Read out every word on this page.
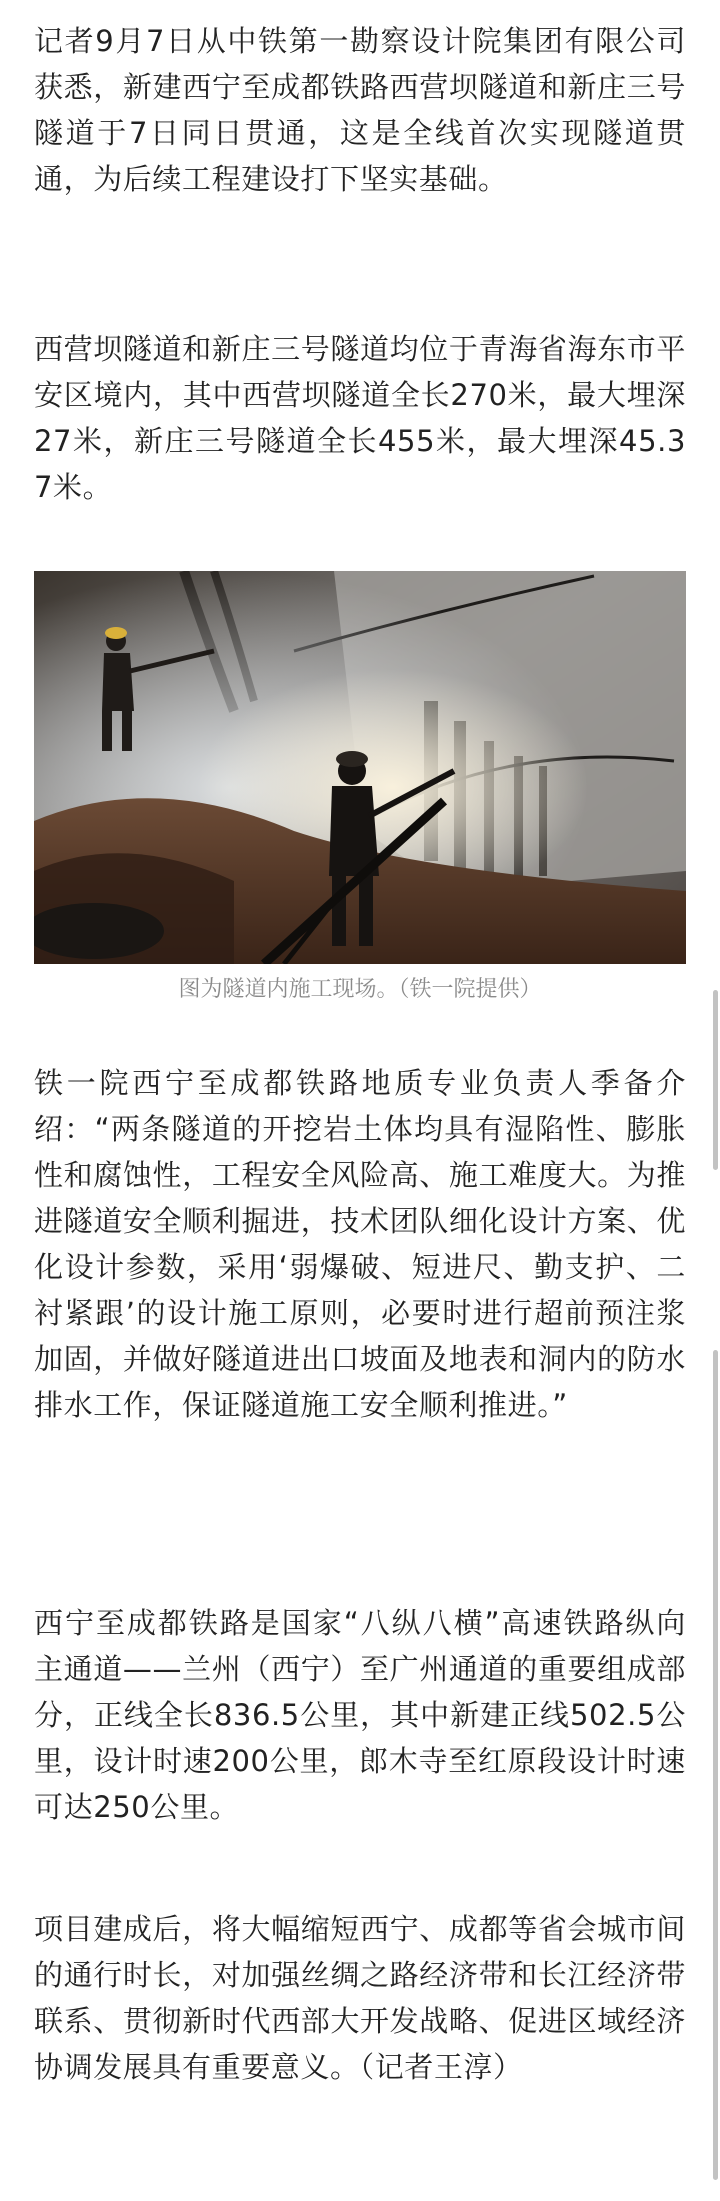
记者9月7日从中铁第一勘察设计院集团有限公司获悉，新建西宁至成都铁路西营坝隧道和新庄三号隧道于7日同日贯通，这是全线首次实现隧道贯通，为后续工程建设打下坚实基础。

西营坝隧道和新庄三号隧道均位于青海省海东市平安区境内，其中西营坝隧道全长270米，最大埋深27米，新庄三号隧道全长455米，最大埋深45.37米。

铁一院西宁至成都铁路地质专业负责人季备介绍：“两条隧道的开挖岩土体均具有湿陷性、膨胀性和腐蚀性，工程安全风险高、施工难度大。为推进隧道安全顺利掘进，技术团队细化设计方案、优化设计参数，采用‘弱爆破、短进尺、勤支护、二衬紧跟’的设计施工原则，必要时进行超前预注浆加固，并做好隧道进出口坡面及地表和洞内的防水排水工作，保证隧道施工安全顺利推进。”

西宁至成都铁路是国家“八纵八横”高速铁路纵向主通道——兰州（西宁）至广州通道的重要组成部分，正线全长836.5公里，其中新建正线502.5公里，设计时速200公里，郎木寺至红原段设计时速可达250公里。

项目建成后，将大幅缩短西宁、成都等省会城市间的通行时长，对加强丝绸之路经济带和长江经济带联系、贯彻新时代西部大开发战略、促进区域经济协调发展具有重要意义。（记者王淳）

图为隧道内施工现场。（铁一院提供）
